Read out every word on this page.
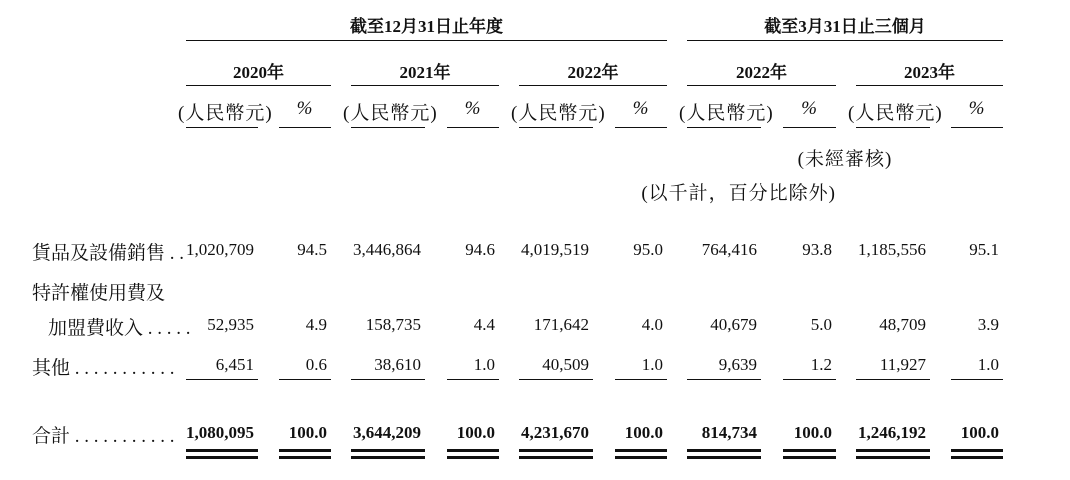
截至12月31日止年度	截至3月31日止三個月
2020年	2021年	2022年	2022年	2023年
(人民幣元)	%	(人民幣元)	%	(人民幣元)	%	(人民幣元)	%	(人民幣元)	%
(未經審核)
(以千計，百分比除外)
貨品及設備銷售 . . 1,020,709	94.5 3,446,864	94.6 4,019,519	95.0	764,416	93.8 1,185,556	95.1
特許權使用費及
加盟費收入 . . . . . 52,935	4.9	158,735	4.4	171,642	4.0	40,679	5.0	48,709	3.9
其他 . . . . . . . . . . .	6,451	0.6	38,610	1.0	40,509	1.0	9,639	1.2	11,927	1.0
合計 . . . . . . . . . . . 1,080,095	100.0 3,644,209	100.0 4,231,670	100.0	814,734	100.0 1,246,192	100.0
